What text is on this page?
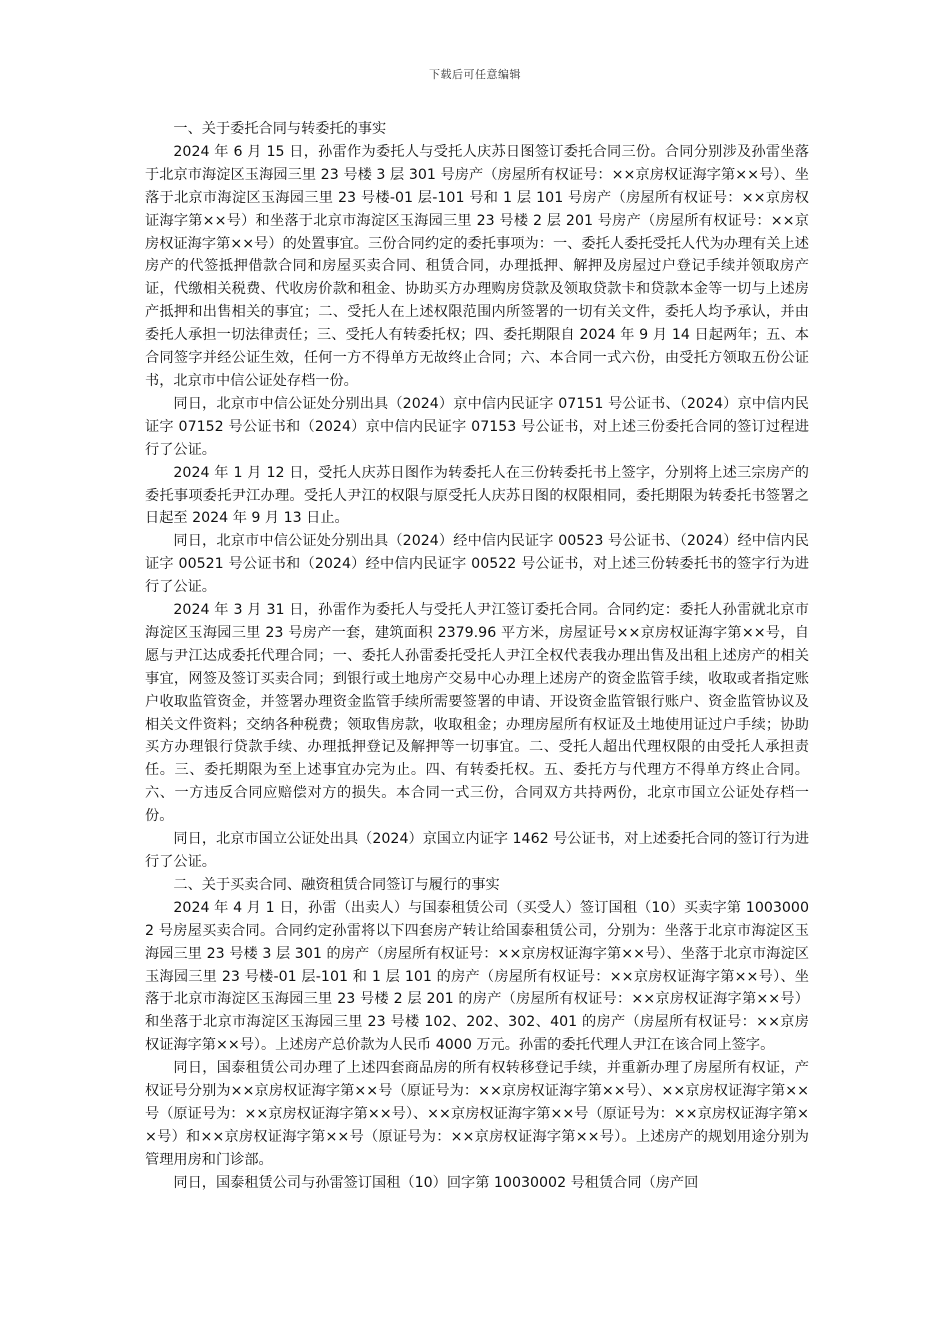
下载后可任意编辑

一、关于委托合同与转委托的事实

2024 年 6 月 15 日，孙雷作为委托人与受托人庆苏日图签订委托合同三份。合同分别涉及孙雷坐落于北京市海淀区玉海园三里 23 号楼 3 层 301 号房产（房屋所有权证号：××京房权证海字第××号）、坐落于北京市海淀区玉海园三里 23 号楼-01 层-101 号和 1 层 101 号房产（房屋所有权证号：××京房权证海字第××号）和坐落于北京市海淀区玉海园三里 23 号楼 2 层 201 号房产（房屋所有权证号：××京房权证海字第××号）的处置事宜。三份合同约定的委托事项为：一、委托人委托受托人代为办理有关上述房产的代签抵押借款合同和房屋买卖合同、租赁合同，办理抵押、解押及房屋过户登记手续并领取房产证，代缴相关税费、代收房价款和租金、协助买方办理购房贷款及领取贷款卡和贷款本金等一切与上述房产抵押和出售相关的事宜；二、受托人在上述权限范围内所签署的一切有关文件，委托人均予承认，并由委托人承担一切法律责任；三、受托人有转委托权；四、委托期限自 2024 年 9 月 14 日起两年；五、本合同签字并经公证生效，任何一方不得单方无故终止合同；六、本合同一式六份，由受托方领取五份公证书，北京市中信公证处存档一份。

同日，北京市中信公证处分别出具（2024）京中信内民证字 07151 号公证书、（2024）京中信内民证字 07152 号公证书和（2024）京中信内民证字 07153 号公证书，对上述三份委托合同的签订过程进行了公证。

2024 年 1 月 12 日，受托人庆苏日图作为转委托人在三份转委托书上签字，分别将上述三宗房产的委托事项委托尹江办理。受托人尹江的权限与原受托人庆苏日图的权限相同，委托期限为转委托书签署之日起至 2024 年 9 月 13 日止。

同日，北京市中信公证处分别出具（2024）经中信内民证字 00523 号公证书、（2024）经中信内民证字 00521 号公证书和（2024）经中信内民证字 00522 号公证书，对上述三份转委托书的签字行为进行了公证。

2024 年 3 月 31 日，孙雷作为委托人与受托人尹江签订委托合同。合同约定：委托人孙雷就北京市海淀区玉海园三里 23 号房产一套，建筑面积 2379.96 平方米，房屋证号××京房权证海字第××号，自愿与尹江达成委托代理合同；一、委托人孙雷委托受托人尹江全权代表我办理出售及出租上述房产的相关事宜，网签及签订买卖合同；到银行或土地房产交易中心办理上述房产的资金监管手续，收取或者指定账户收取监管资金，并签署办理资金监管手续所需要签署的申请、开设资金监管银行账户、资金监管协议及相关文件资料；交纳各种税费；领取售房款，收取租金；办理房屋所有权证及土地使用证过户手续；协助买方办理银行贷款手续、办理抵押登记及解押等一切事宜。二、受托人超出代理权限的由受托人承担责任。三、委托期限为至上述事宜办完为止。四、有转委托权。五、委托方与代理方不得单方终止合同。六、一方违反合同应赔偿对方的损失。本合同一式三份，合同双方共持两份，北京市国立公证处存档一份。

同日，北京市国立公证处出具（2024）京国立内证字 1462 号公证书，对上述委托合同的签订行为进行了公证。

二、关于买卖合同、融资租赁合同签订与履行的事实

2024 年 4 月 1 日，孙雷（出卖人）与国泰租赁公司（买受人）签订国租（10）买卖字第 10030002 号房屋买卖合同。合同约定孙雷将以下四套房产转让给国泰租赁公司，分别为：坐落于北京市海淀区玉海园三里 23 号楼 3 层 301 的房产（房屋所有权证号：××京房权证海字第××号）、坐落于北京市海淀区玉海园三里 23 号楼-01 层-101 和 1 层 101 的房产（房屋所有权证号：××京房权证海字第××号）、坐落于北京市海淀区玉海园三里 23 号楼 2 层 201 的房产（房屋所有权证号：××京房权证海字第××号）和坐落于北京市海淀区玉海园三里 23 号楼 102、202、302、401 的房产（房屋所有权证号：××京房权证海字第××号）。上述房产总价款为人民币 4000 万元。孙雷的委托代理人尹江在该合同上签字。

同日，国泰租赁公司办理了上述四套商品房的所有权转移登记手续，并重新办理了房屋所有权证，产权证号分别为××京房权证海字第××号（原证号为：××京房权证海字第××号）、××京房权证海字第××号（原证号为：××京房权证海字第××号）、××京房权证海字第××号（原证号为：××京房权证海字第××号）和××京房权证海字第××号（原证号为：××京房权证海字第××号）。上述房产的规划用途分别为管理用房和门诊部。

同日，国泰租赁公司与孙雷签订国租（10）回字第 10030002 号租赁合同（房产回
